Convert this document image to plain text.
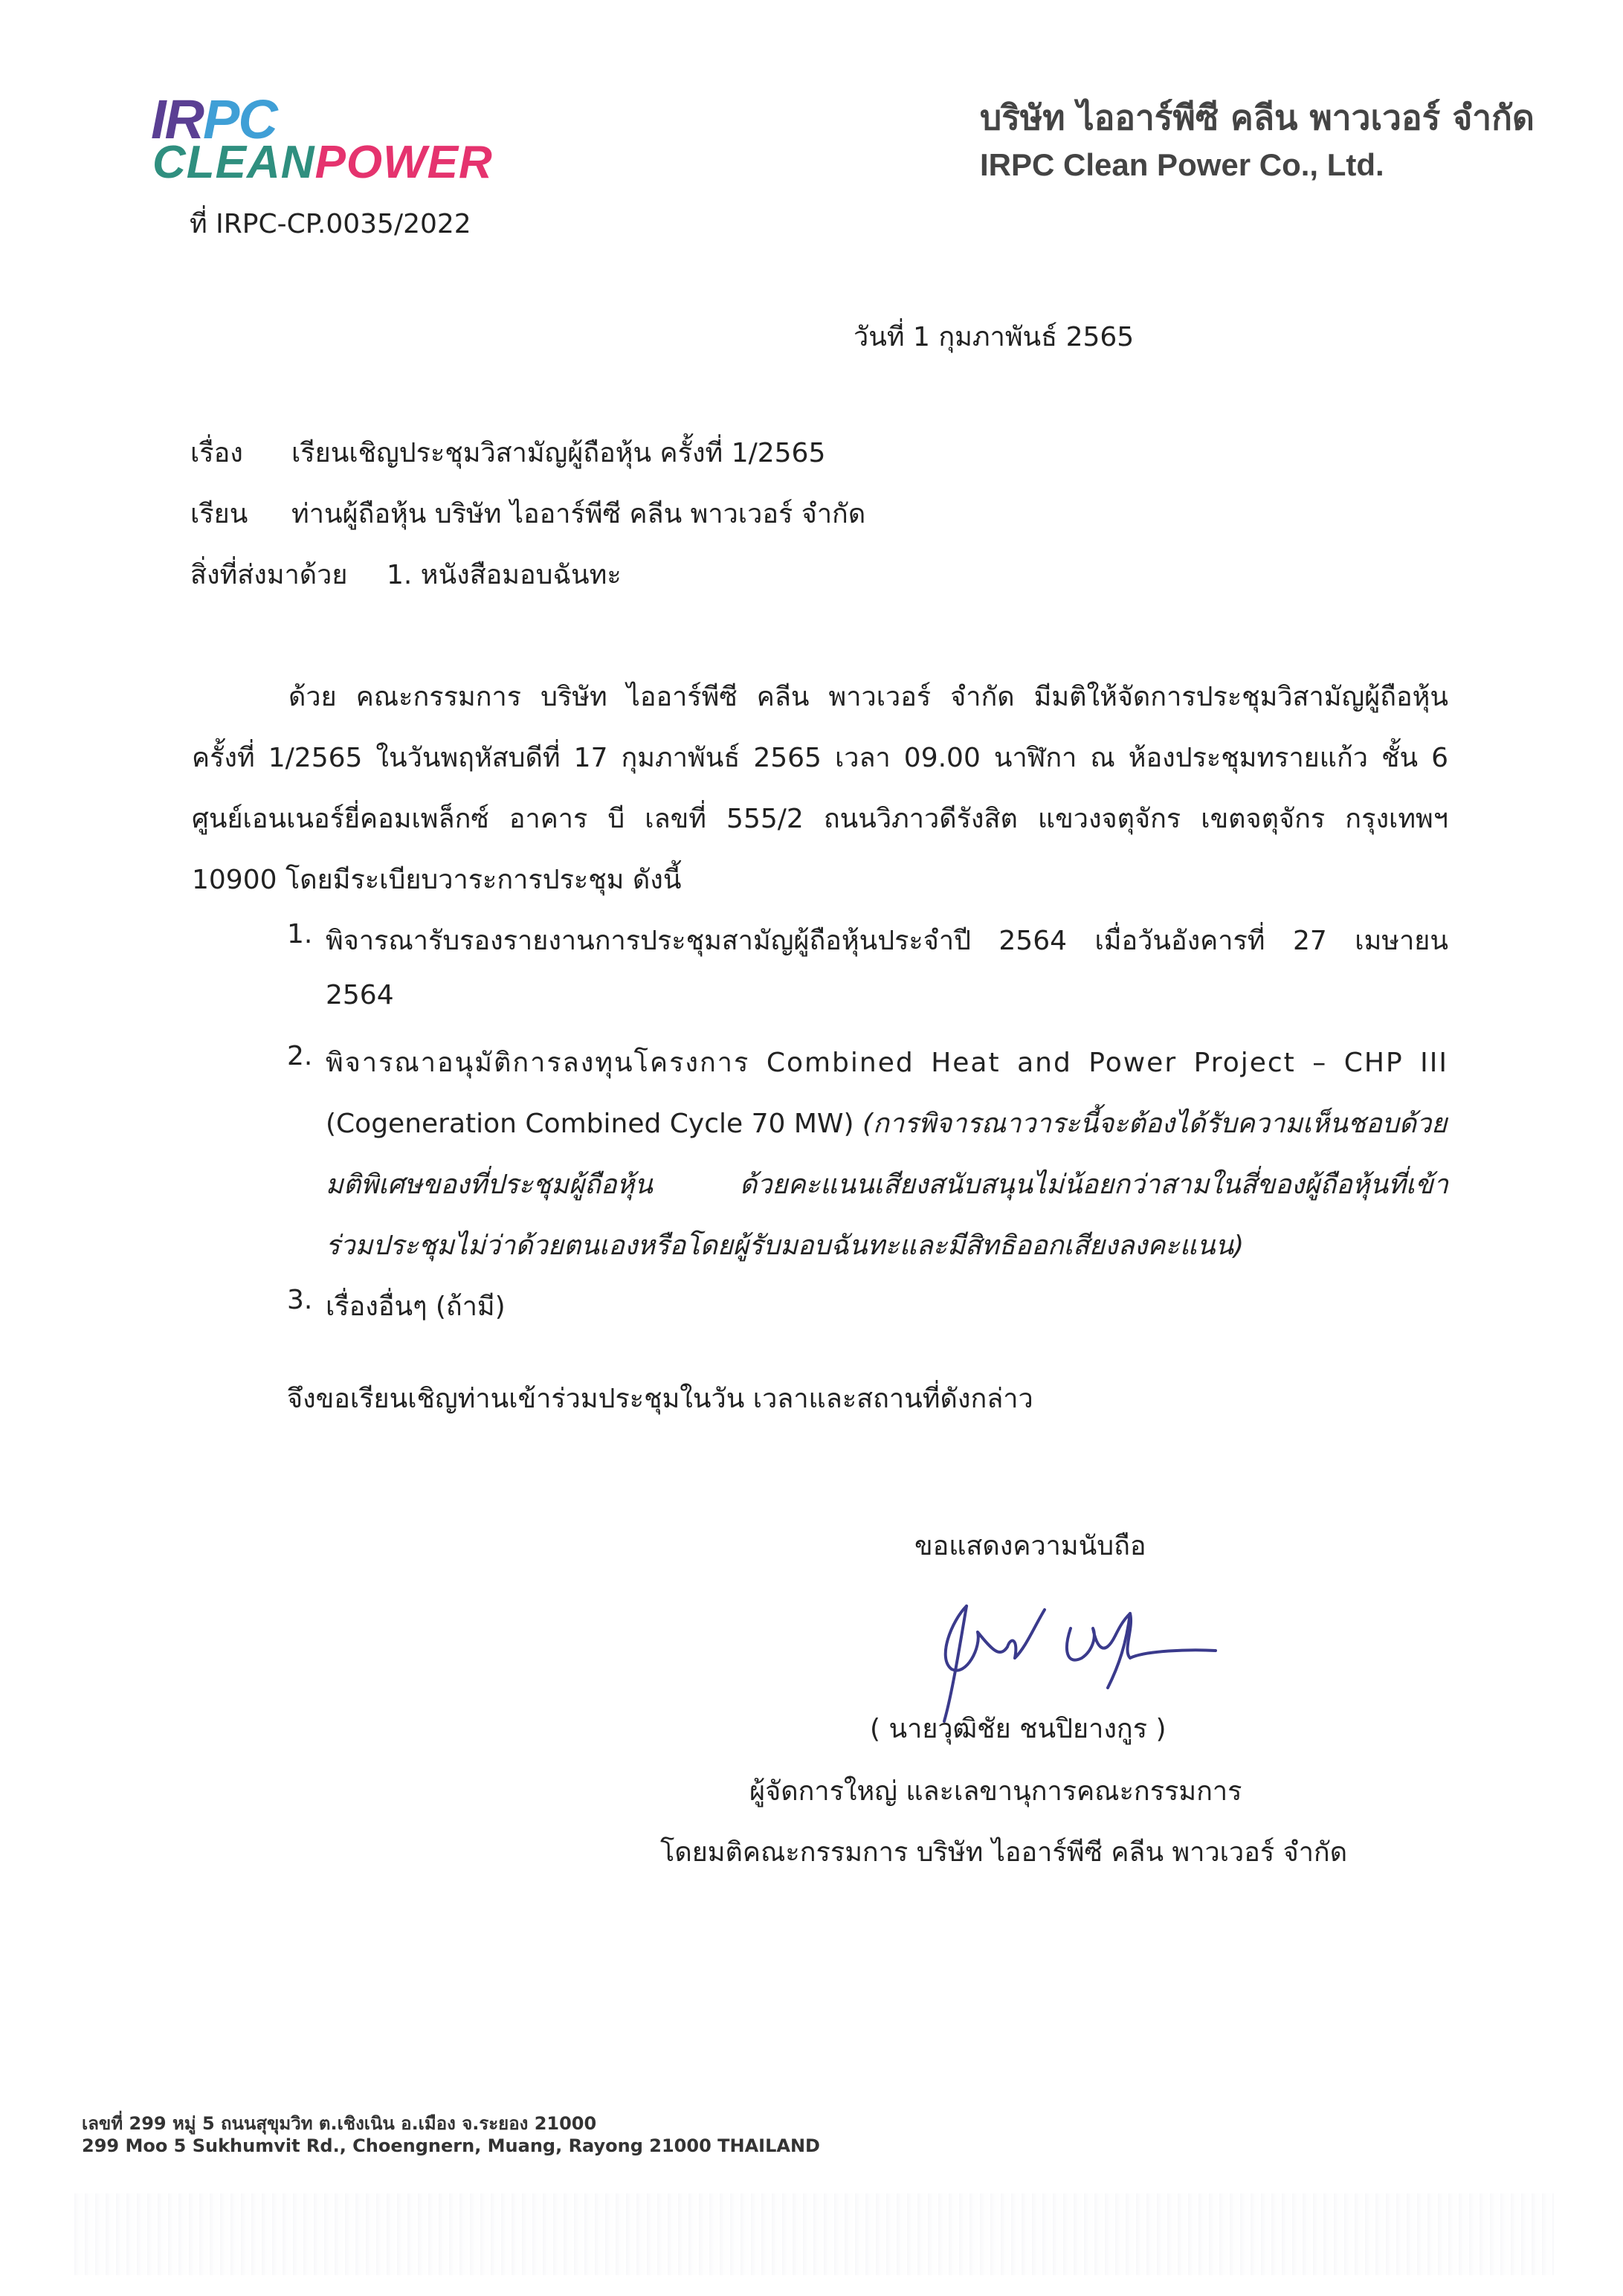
IRPC
CLEANPOWER
บริษัท ไออาร์พีซี คลีน พาวเวอร์ จำกัด
IRPC Clean Power Co., Ltd.
ที่ IRPC-CP.0035/2022
วันที่ 1 กุมภาพันธ์ 2565
เรื่อง เรียนเชิญประชุมวิสามัญผู้ถือหุ้น ครั้งที่ 1/2565
เรียน ท่านผู้ถือหุ้น บริษัท ไออาร์พีซี คลีน พาวเวอร์ จำกัด
สิ่งที่ส่งมาด้วย 1. หนังสือมอบฉันทะ
ด้วย คณะกรรมการ บริษัท ไออาร์พีซี คลีน พาวเวอร์ จำกัด มีมติให้จัดการประชุมวิสามัญผู้ถือหุ้น
ครั้งที่ 1/2565 ในวันพฤหัสบดีที่ 17 กุมภาพันธ์ 2565 เวลา 09.00 นาฬิกา ณ ห้องประชุมทรายแก้ว ชั้น 6
ศูนย์เอนเนอร์ยี่คอมเพล็กซ์ อาคาร บี เลขที่ 555/2 ถนนวิภาวดีรังสิต แขวงจตุจักร เขตจตุจักร กรุงเทพฯ
10900 โดยมีระเบียบวาระการประชุม ดังนี้
1. พิจารณารับรองรายงานการประชุมสามัญผู้ถือหุ้นประจำปี 2564 เมื่อวันอังคารที่ 27 เมษายน
2564
2. พิจารณาอนุมัติการลงทุนโครงการ Combined Heat and Power Project – CHP III
(Cogeneration Combined Cycle 70 MW) (การพิจารณาวาระนี้จะต้องได้รับความเห็นชอบด้วย
มติพิเศษของที่ประชุมผู้ถือหุ้น ด้วยคะแนนเสียงสนับสนุนไม่น้อยกว่าสามในสี่ของผู้ถือหุ้นที่เข้า
ร่วมประชุมไม่ว่าด้วยตนเองหรือโดยผู้รับมอบฉันทะและมีสิทธิออกเสียงลงคะแนน)
3. เรื่องอื่นๆ (ถ้ามี)
จึงขอเรียนเชิญท่านเข้าร่วมประชุมในวัน เวลาและสถานที่ดังกล่าว
ขอแสดงความนับถือ
( นายวุฒิชัย ชนปิยางกูร )
ผู้จัดการใหญ่ และเลขานุการคณะกรรมการ
โดยมติคณะกรรมการ บริษัท ไออาร์พีซี คลีน พาวเวอร์ จำกัด
เลขที่ 299 หมู่ 5 ถนนสุขุมวิท ต.เชิงเนิน อ.เมือง จ.ระยอง 21000
299 Moo 5 Sukhumvit Rd., Choengnern, Muang, Rayong 21000 THAILAND
